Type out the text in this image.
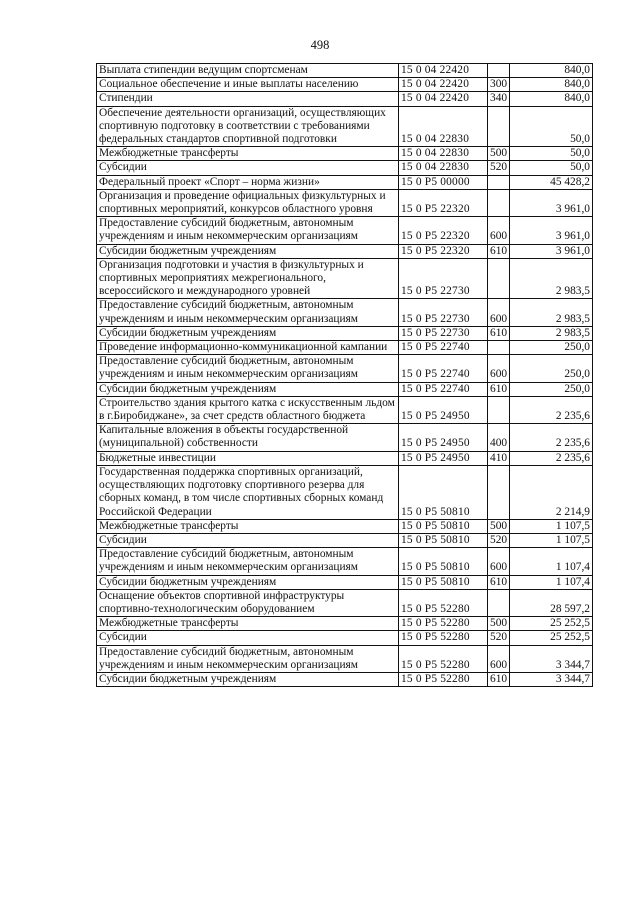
498
Выплата стипендии ведущим спортсменам	15 0 04 22420		840,0
Социальное обеспечение и иные выплаты населению	15 0 04 22420	300	840,0
Стипендии	15 0 04 22420	340	840,0
Обеспечение деятельности организаций, осуществляющих спортивную подготовку в соответствии с требованиями федеральных стандартов спортивной подготовки	15 0 04 22830		50,0
Межбюджетные трансферты	15 0 04 22830	500	50,0
Субсидии	15 0 04 22830	520	50,0
Федеральный проект «Спорт – норма жизни»	15 0 P5 00000		45 428,2
Организация и проведение официальных физкультурных и спортивных мероприятий, конкурсов областного уровня	15 0 P5 22320		3 961,0
Предоставление субсидий бюджетным, автономным учреждениям и иным некоммерческим организациям	15 0 P5 22320	600	3 961,0
Субсидии бюджетным учреждениям	15 0 P5 22320	610	3 961,0
Организация подготовки и участия в физкультурных и спортивных мероприятиях межрегионального, всероссийского и международного уровней	15 0 P5 22730		2 983,5
Предоставление субсидий бюджетным, автономным учреждениям и иным некоммерческим организациям	15 0 P5 22730	600	2 983,5
Субсидии бюджетным учреждениям	15 0 P5 22730	610	2 983,5
Проведение информационно-коммуникационной кампании	15 0 P5 22740		250,0
Предоставление субсидий бюджетным, автономным учреждениям и иным некоммерческим организациям	15 0 P5 22740	600	250,0
Субсидии бюджетным учреждениям	15 0 P5 22740	610	250,0
Строительство здания крытого катка с искусственным льдом в г.Биробиджане», за счет средств областного бюджета	15 0 P5 24950		2 235,6
Капитальные вложения в объекты государственной (муниципальной) собственности	15 0 P5 24950	400	2 235,6
Бюджетные инвестиции	15 0 P5 24950	410	2 235,6
Государственная поддержка спортивных организаций, осуществляющих подготовку спортивного резерва для сборных команд, в том числе спортивных сборных команд Российской Федерации	15 0 P5 50810		2 214,9
Межбюджетные трансферты	15 0 P5 50810	500	1 107,5
Субсидии	15 0 P5 50810	520	1 107,5
Предоставление субсидий бюджетным, автономным учреждениям и иным некоммерческим организациям	15 0 P5 50810	600	1 107,4
Субсидии бюджетным учреждениям	15 0 P5 50810	610	1 107,4
Оснащение объектов спортивной инфраструктуры спортивно-технологическим оборудованием	15 0 P5 52280		28 597,2
Межбюджетные трансферты	15 0 P5 52280	500	25 252,5
Субсидии	15 0 P5 52280	520	25 252,5
Предоставление субсидий бюджетным, автономным учреждениям и иным некоммерческим организациям	15 0 P5 52280	600	3 344,7
Субсидии бюджетным учреждениям	15 0 P5 52280	610	3 344,7
